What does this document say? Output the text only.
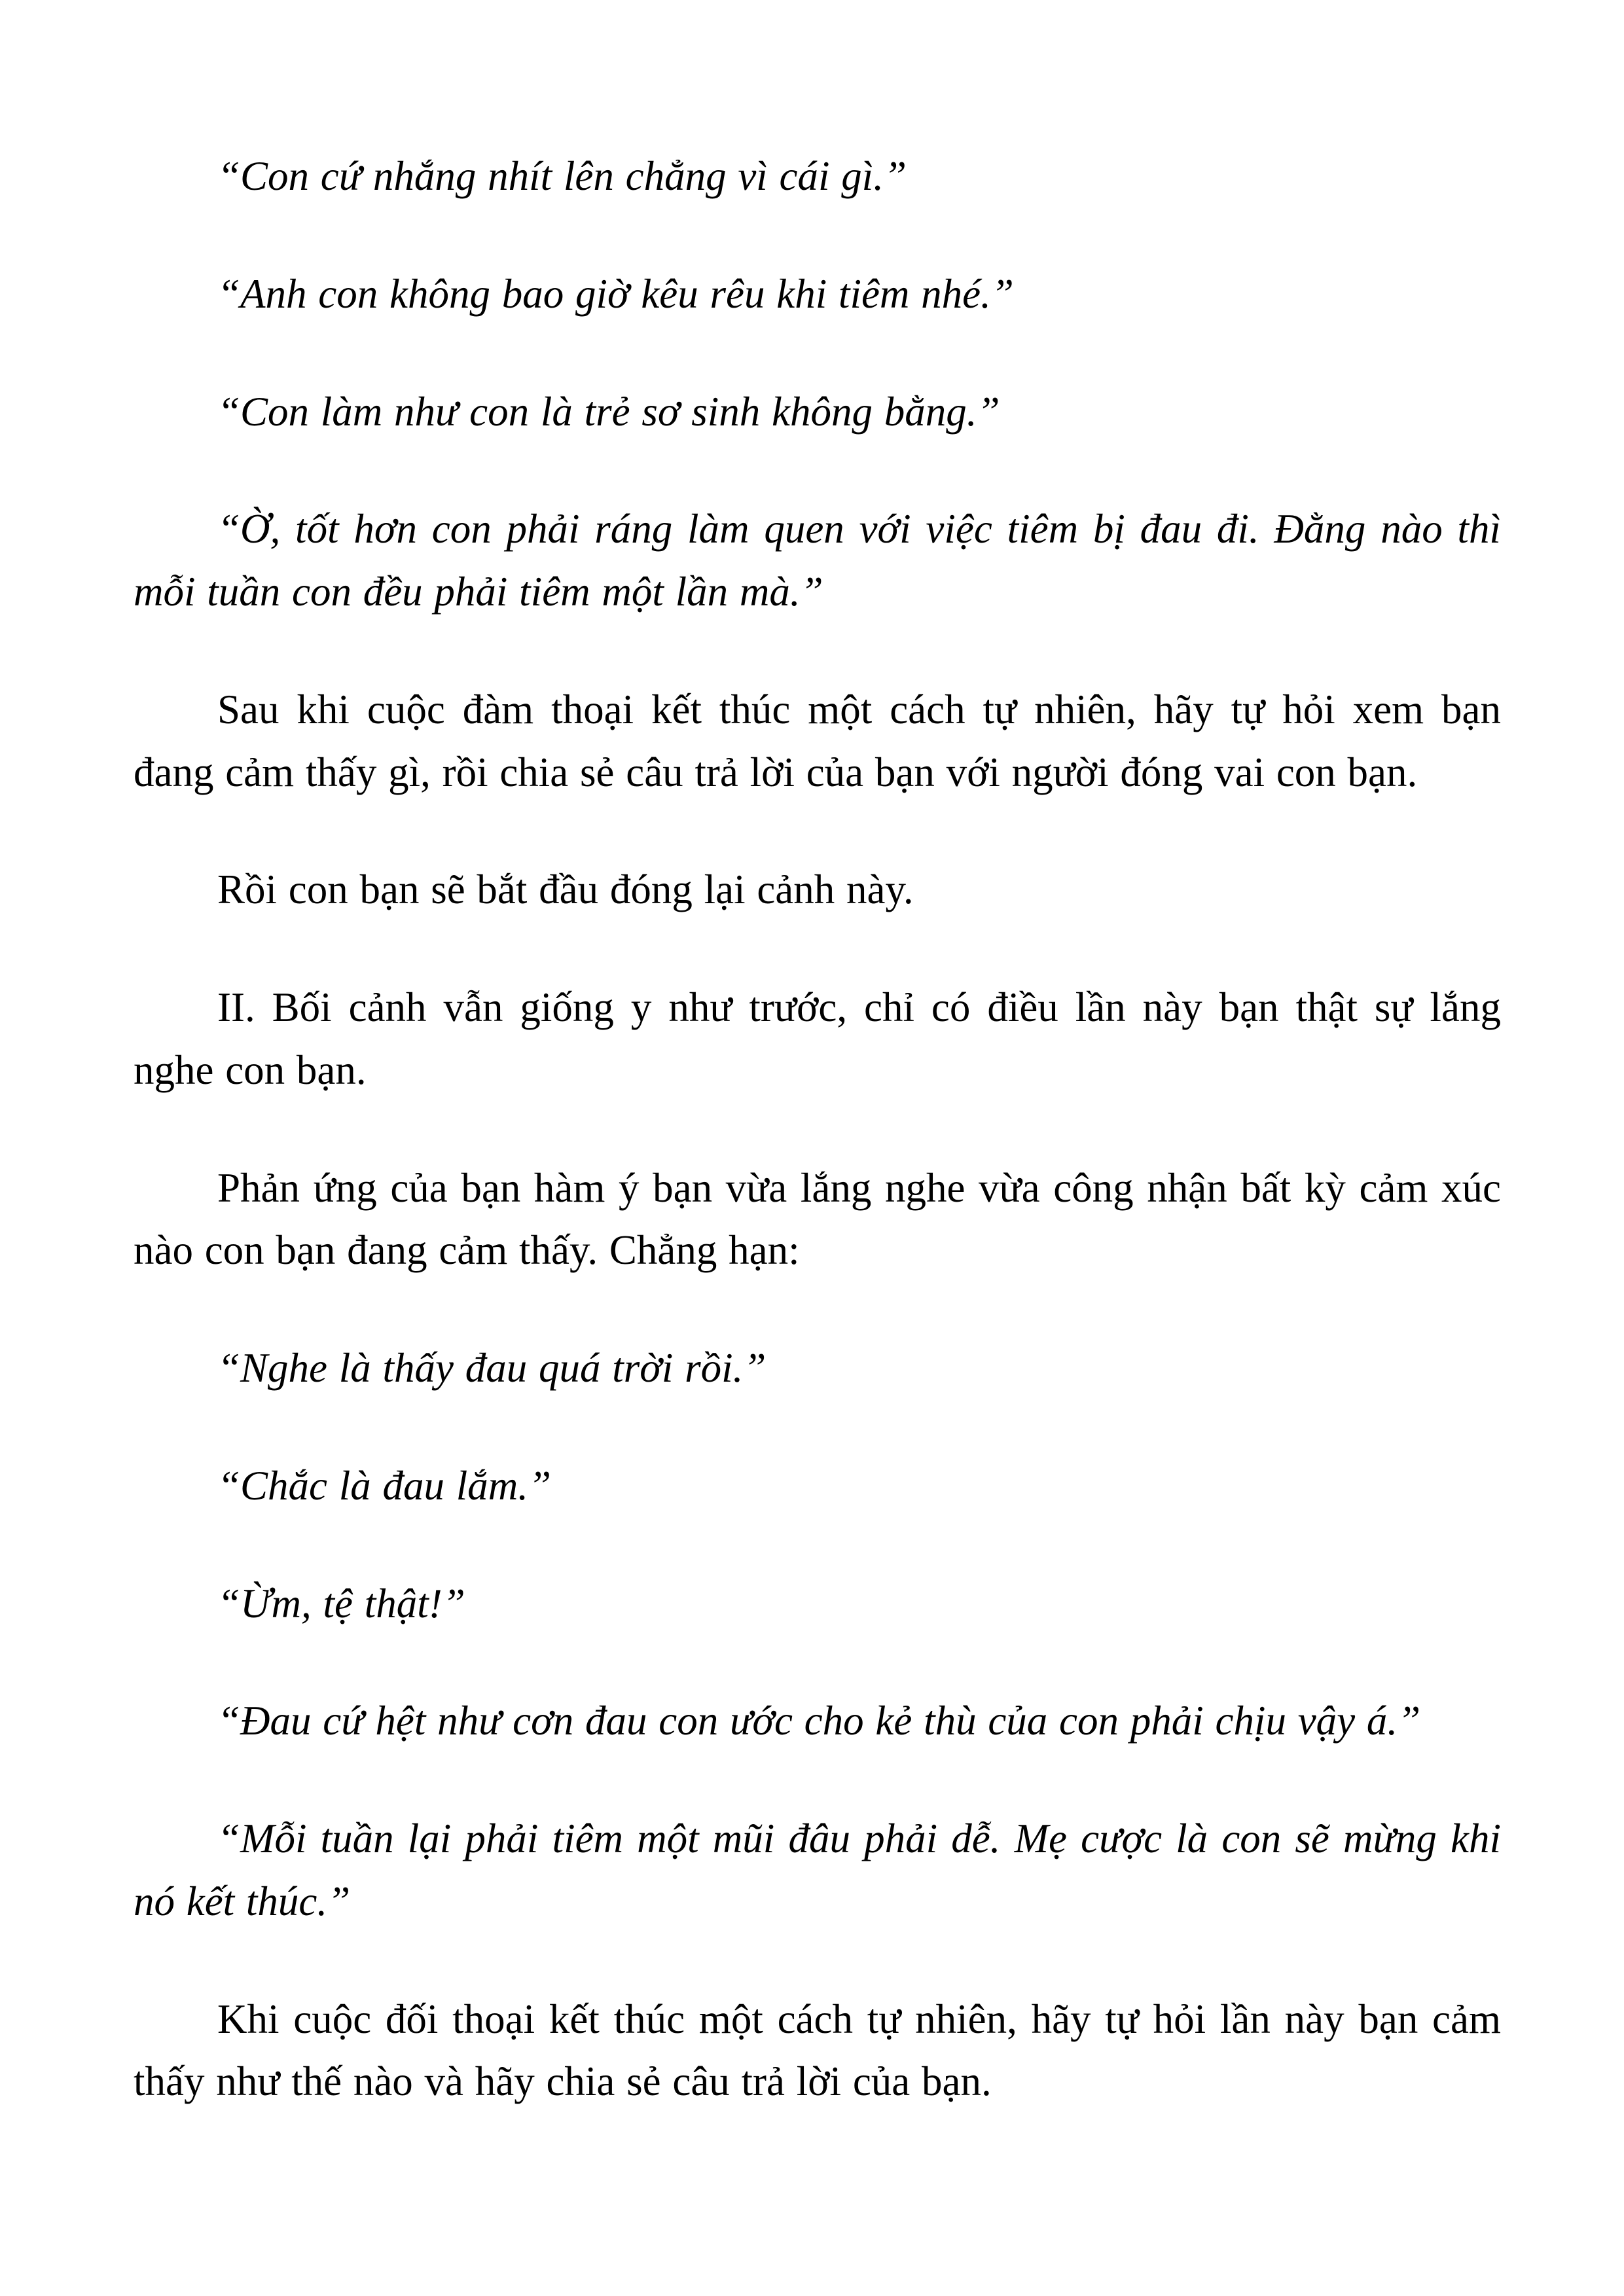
“Con cứ nhắng nhít lên chẳng vì cái gì.”

“Anh con không bao giờ kêu rêu khi tiêm nhé.”

“Con làm như con là trẻ sơ sinh không bằng.”

“Ờ, tốt hơn con phải ráng làm quen với việc tiêm bị đau đi. Đằng nào thì mỗi tuần con đều phải tiêm một lần mà.”

Sau khi cuộc đàm thoại kết thúc một cách tự nhiên, hãy tự hỏi xem bạn đang cảm thấy gì, rồi chia sẻ câu trả lời của bạn với người đóng vai con bạn.

Rồi con bạn sẽ bắt đầu đóng lại cảnh này.

II. Bối cảnh vẫn giống y như trước, chỉ có điều lần này bạn thật sự lắng nghe con bạn.

Phản ứng của bạn hàm ý bạn vừa lắng nghe vừa công nhận bất kỳ cảm xúc nào con bạn đang cảm thấy. Chẳng hạn:

“Nghe là thấy đau quá trời rồi.”

“Chắc là đau lắm.”

“Ừm, tệ thật!”

“Đau cứ hệt như cơn đau con ước cho kẻ thù của con phải chịu vậy á.”

“Mỗi tuần lại phải tiêm một mũi đâu phải dễ. Mẹ cược là con sẽ mừng khi nó kết thúc.”

Khi cuộc đối thoại kết thúc một cách tự nhiên, hãy tự hỏi lần này bạn cảm thấy như thế nào và hãy chia sẻ câu trả lời của bạn.
